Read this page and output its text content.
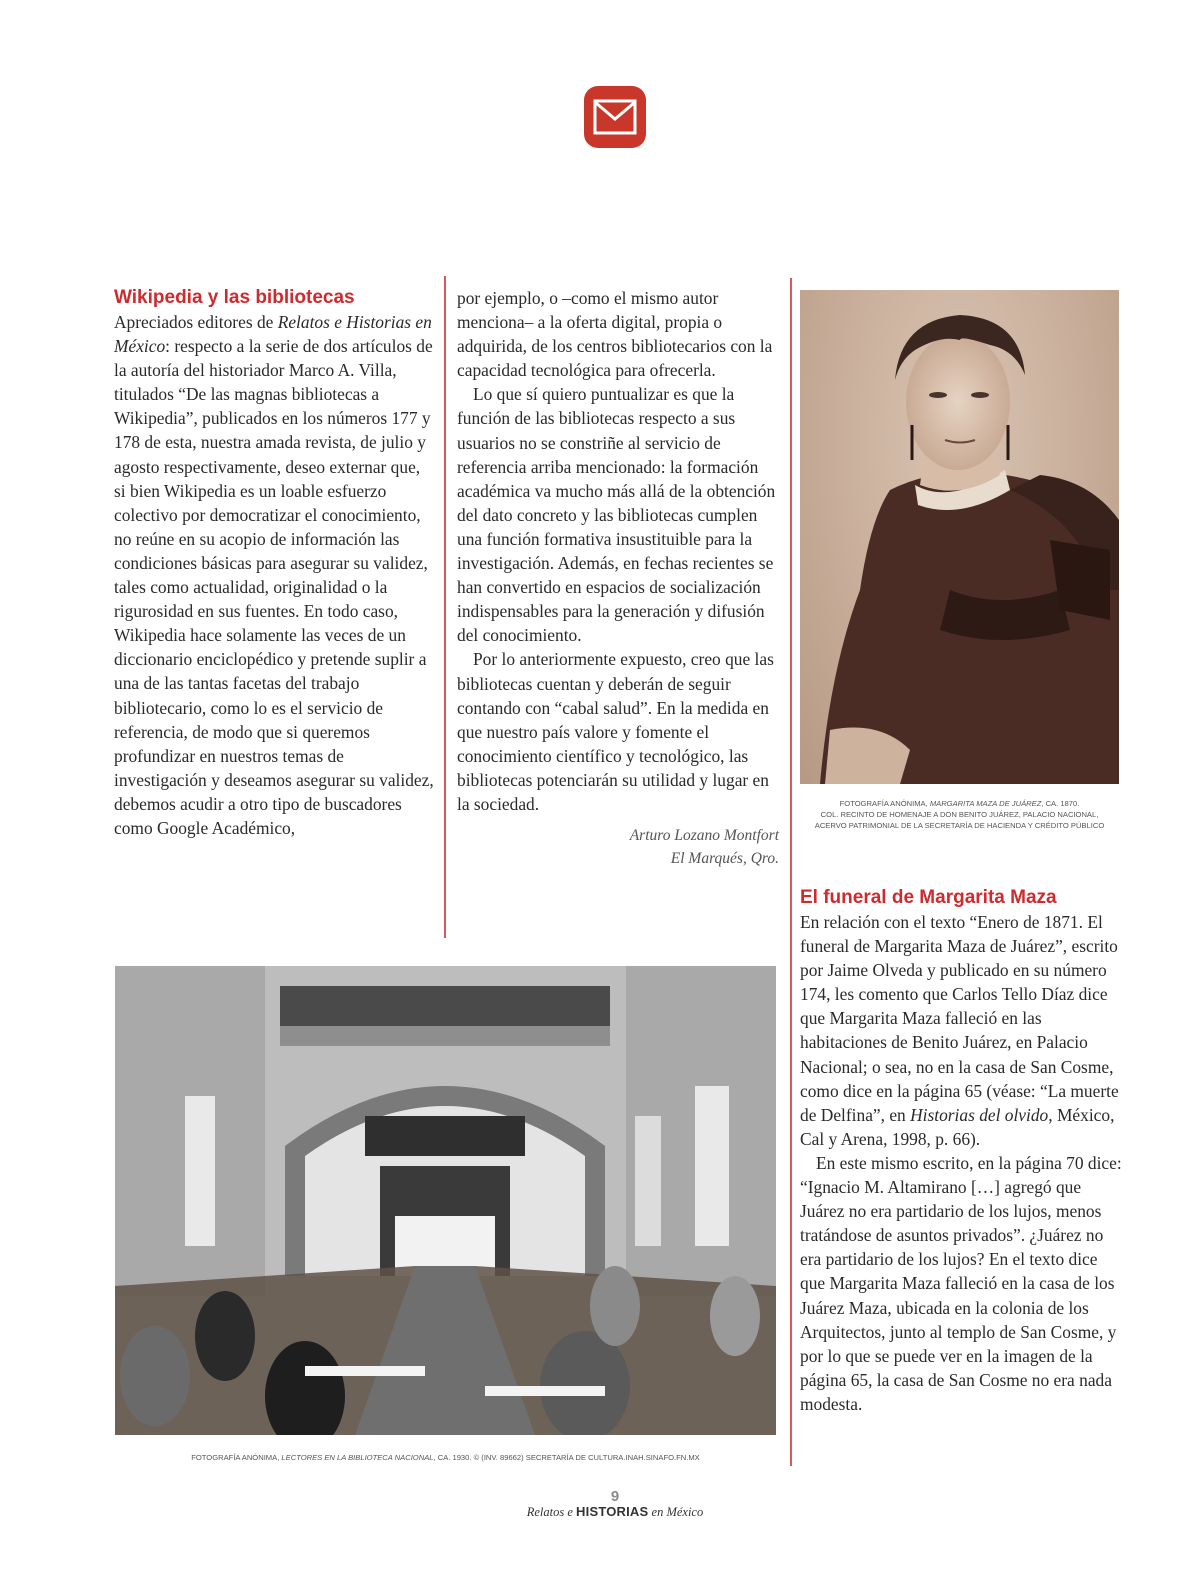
Wikipedia y las bibliotecas

Apreciados editores de Relatos e Historias en México: respecto a la serie de dos artículos de la autoría del historiador Marco A. Villa, titulados “De las magnas bibliotecas a Wikipedia”, publicados en los números 177 y 178 de esta, nuestra amada revista, de julio y agosto respectivamente, deseo externar que, si bien Wikipedia es un loable esfuerzo colectivo por democratizar el conocimiento, no reúne en su acopio de información las condiciones básicas para asegurar su validez, tales como actualidad, originalidad o la rigurosidad en sus fuentes. En todo caso, Wikipedia hace solamente las veces de un diccionario enciclopédico y pretende suplir a una de las tantas facetas del trabajo bibliotecario, como lo es el servicio de referencia, de modo que si queremos profundizar en nuestros temas de investigación y deseamos asegurar su validez, debemos acudir a otro tipo de buscadores como Google Académico,

por ejemplo, o –como el mismo autor menciona– a la oferta digital, propia o adquirida, de los centros bibliotecarios con la capacidad tecnológica para ofrecerla.

Lo que sí quiero puntualizar es que la función de las bibliotecas respecto a sus usuarios no se constriñe al servicio de referencia arriba mencionado: la formación académica va mucho más allá de la obtención del dato concreto y las bibliotecas cumplen una función formativa insustituible para la investigación. Además, en fechas recientes se han convertido en espacios de socialización indispensables para la generación y difusión del conocimiento.

Por lo anteriormente expuesto, creo que las bibliotecas cuentan y deberán de seguir contando con “cabal salud”. En la medida en que nuestro país valore y fomente el conocimiento científico y tecnológico, las bibliotecas potenciarán su utilidad y lugar en la sociedad.

Arturo Lozano Montfort
El Marqués, Qro.
FOTOGRAFÍA ANÓNIMA, MARGARITA MAZA DE JUÁREZ, CA. 1870.
COL. RECINTO DE HOMENAJE A DON BENITO JUÁREZ, PALACIO NACIONAL,
ACERVO PATRIMONIAL DE LA SECRETARÍA DE HACIENDA Y CRÉDITO PÚBLICO
El funeral de Margarita Maza

En relación con el texto “Enero de 1871. El funeral de Margarita Maza de Juárez”, escrito por Jaime Olveda y publicado en su número 174, les comento que Carlos Tello Díaz dice que Margarita Maza falleció en las habitaciones de Benito Juárez, en Palacio Nacional; o sea, no en la casa de San Cosme, como dice en la página 65 (véase: “La muerte de Delfina”, en Historias del olvido, México, Cal y Arena, 1998, p. 66).

En este mismo escrito, en la página 70 dice: “Ignacio M. Altamirano […] agregó que Juárez no era partidario de los lujos, menos tratándose de asuntos privados”. ¿Juárez no era partidario de los lujos? En el texto dice que Margarita Maza falleció en la casa de los Juárez Maza, ubicada en la colonia de los Arquitectos, junto al templo de San Cosme, y por lo que se puede ver en la imagen de la página 65, la casa de San Cosme no era nada modesta.

FOTOGRAFÍA ANÓNIMA, LECTORES EN LA BIBLIOTECA NACIONAL, CA. 1930. © (INV. 89662) SECRETARÍA DE CULTURA.INAH.SINAFO.FN.MX
9
Relatos e HISTORIAS en México
